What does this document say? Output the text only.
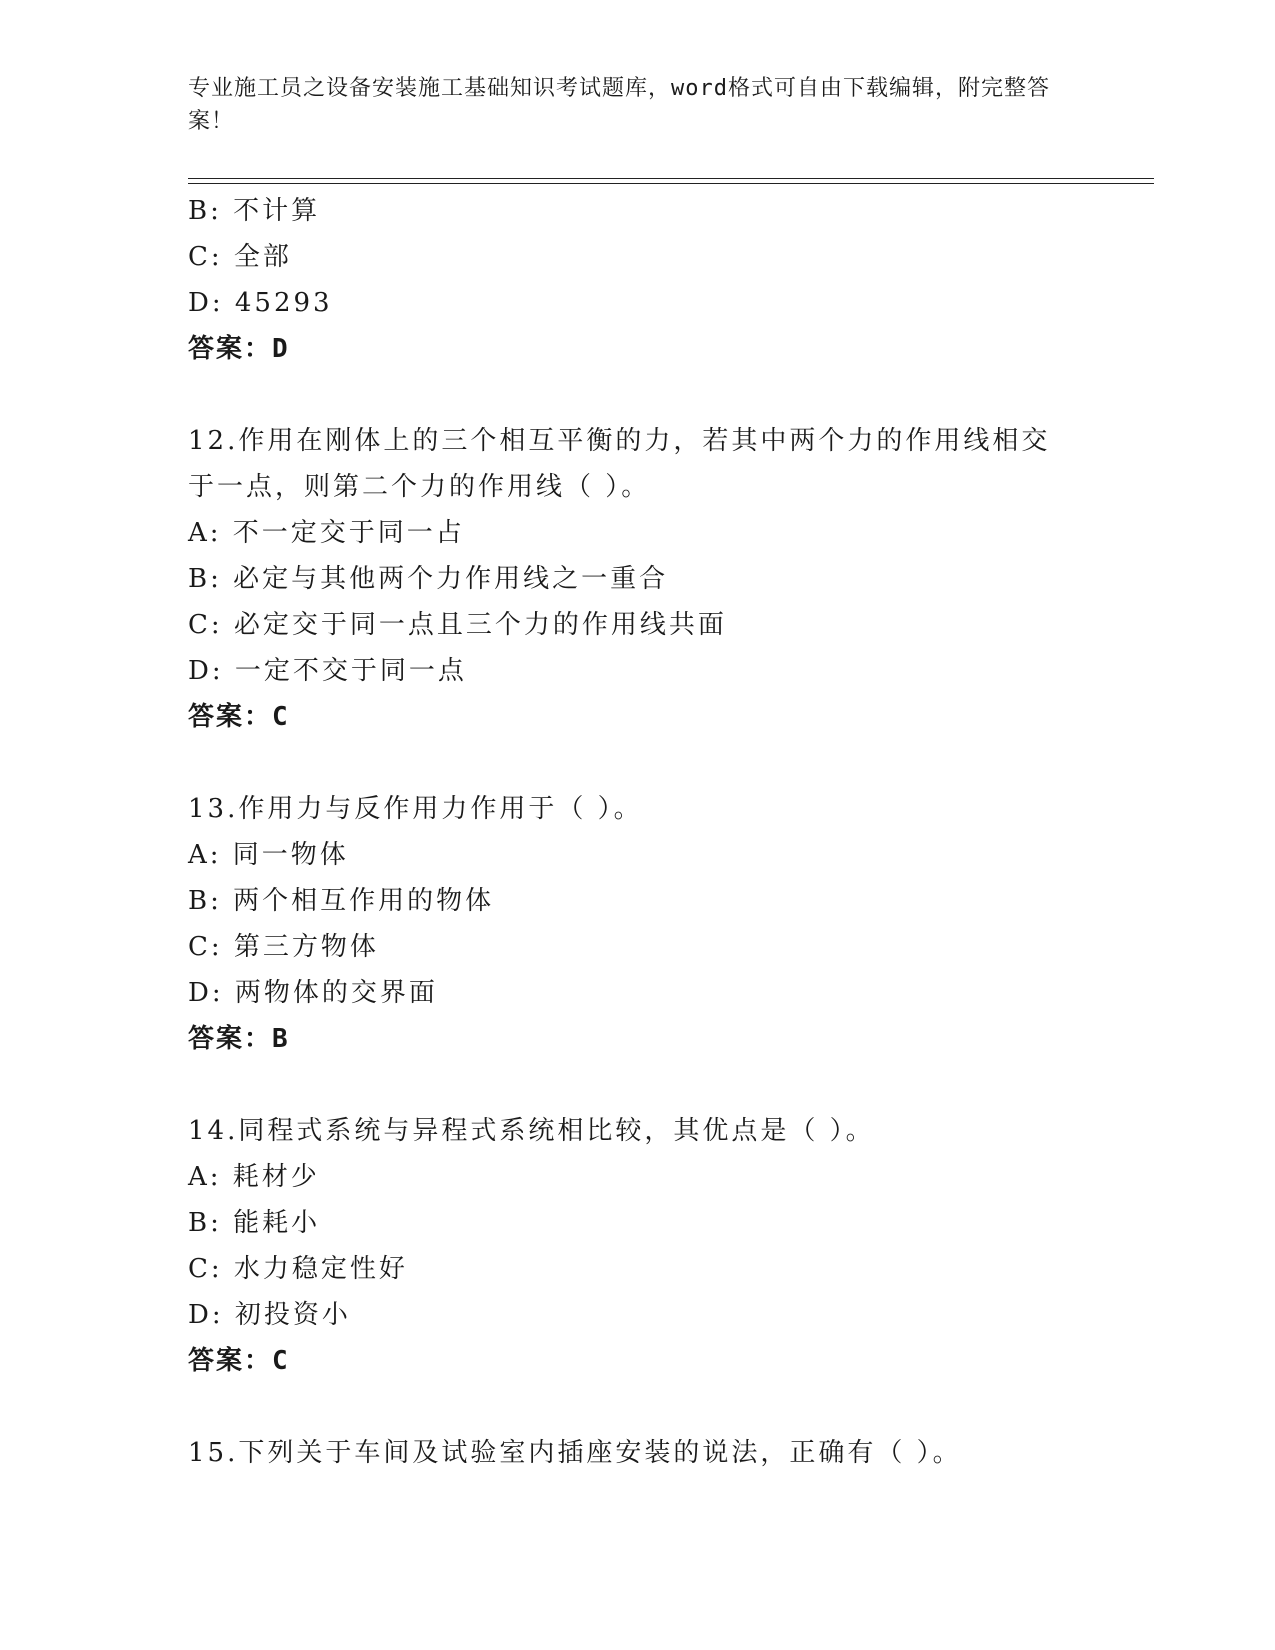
专业施工员之设备安装施工基础知识考试题库，word格式可自由下载编辑，附完整答案！
B: 不计算
C: 全部
D: 45293
答案：D
12.作用在刚体上的三个相互平衡的力，若其中两个力的作用线相交于一点，则第二个力的作用线（ ）。
A: 不一定交于同一占
B: 必定与其他两个力作用线之一重合
C: 必定交于同一点且三个力的作用线共面
D: 一定不交于同一点
答案：C
13.作用力与反作用力作用于（ ）。
A: 同一物体
B: 两个相互作用的物体
C: 第三方物体
D: 两物体的交界面
答案：B
14.同程式系统与异程式系统相比较，其优点是（ ）。
A: 耗材少
B: 能耗小
C: 水力稳定性好
D: 初投资小
答案：C
15.下列关于车间及试验室内插座安装的说法，正确有（ ）。
